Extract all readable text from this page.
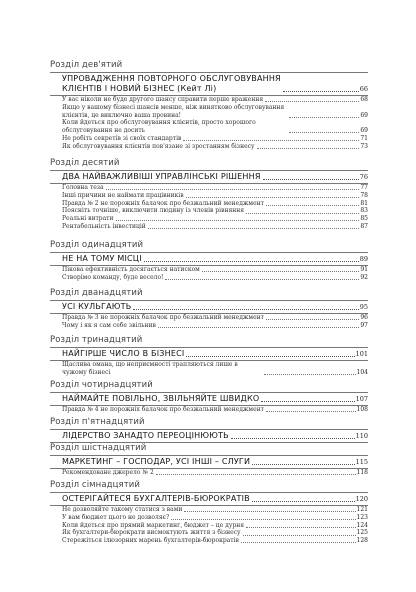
Розділ дев'ятий
УПРОВАДЖЕННЯ ПОВТОРНОГО ОБСЛУГОВУВАННЯ
КЛІЄНТІВ І НОВИЙ БІЗНЕС (Кейт Лі)	66
У вас ніколи не буде другого шансу справити перше враження	68
Якщо у вашому бізнесі шансів менше, ніж винятково обслуговування клієнтів, це виключно ваша провина!	69
Коли йдеться про обслуговування клієнтів, просто хорошого обслуговування не досить	69
Не робіть секретів зі своїх стандартів	71
Як обслуговування клієнтів пов'язане зі зростанням бізнесу	73
Розділ десятий
ДВА НАЙВАЖЛИВІШІ УПРАВЛІНСЬКІ РІШЕННЯ	76
Головна теза	77
Інші причини не наймати працівників	78
Правда № 2 не порожніх балачок про безжальний менеджмент	81
Поясніть точніше, виключити людину із членів рівняння	83
Реальні витрати	85
Рентабельність інвестицій	87
Розділ одинадцятий
НЕ НА ТОМУ МІСЦІ	89
Пікова ефективність досягається натиском	91
Створімо команду, буде весело!	92
Розділ дванадцятий
УСІ КУЛЬГАЮТЬ	95
Правда № 3 не порожніх балачок про безжальний менеджмент	96
Чому і як я сам себе звільнив	97
Розділ тринадцятий
НАЙГІРШЕ ЧИСЛО В БІЗНЕСІ	101
Щаслива омана, що неприємності трапляються лише в чужому бізнесі	104
Розділ чотирнадцятий
НАЙМАЙТЕ ПОВІЛЬНО, ЗВІЛЬНЯЙТЕ ШВИДКО	107
Правда № 4 не порожніх балачок про безжальний менеджмент	108
Розділ п'ятнадцятий
ЛІДЕРСТВО ЗАНАДТО ПЕРЕОЦІНЮЮТЬ	110
Розділ шістнадцятий
МАРКЕТИНГ – ГОСПОДАР, УСІ ІНШІ – СЛУГИ	115
Рекомендоване джерело № 2	118
Розділ сімнадцятий
ОСТЕРІГАЙТЕСЯ БУХГАЛТЕРІВ-БЮРОКРАТІВ	120
Не дозволяйте такому статися з вами	121
У вам бюджет цього не дозволяє?	123
Коли йдеться про прямий маркетинг, бюджет – це дурня	124
Як бухгалтери-бюрократи висмоктують життя з бізнесу	125
Стережіться ілюзорних марень бухгалтерів-бюрократів	128
